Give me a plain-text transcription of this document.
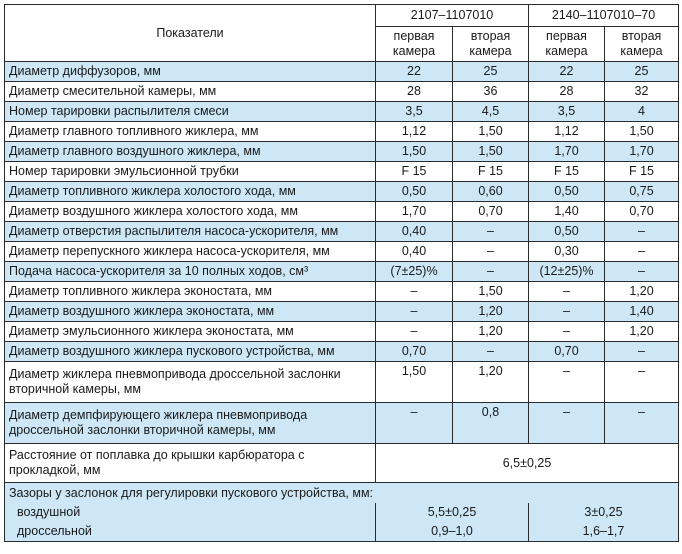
Показатели	2107–1107010		2140–1107010–70	
	первая камера	вторая камера	первая камера	вторая камера
Диаметр диффузоров, мм	22	25	22	25
Диаметр смесительной камеры, мм	28	36	28	32
Номер тарировки распылителя смеси	3,5	4,5	3,5	4
Диаметр главного топливного жиклера, мм	1,12	1,50	1,12	1,50
Диаметр главного воздушного жиклера, мм	1,50	1,50	1,70	1,70
Номер тарировки эмульсионной трубки	F 15	F 15	F 15	F 15
Диаметр топливного жиклера холостого хода, мм	0,50	0,60	0,50	0,75
Диаметр воздушного жиклера холостого хода, мм	1,70	0,70	1,40	0,70
Диаметр отверстия распылителя насоса-ускорителя, мм	0,40	–	0,50	–
Диаметр перепускного жиклера насоса-ускорителя, мм	0,40	–	0,30	–
Подача насоса-ускорителя за 10 полных ходов, см³	(7±25)%	–	(12±25)%	–
Диаметр топливного жиклера эконостата, мм	–	1,50	–	1,20
Диаметр воздушного жиклера эконостата, мм	–	1,20	–	1,40
Диаметр эмульсионного жиклера эконостата, мм	–	1,20	–	1,20
Диаметр воздушного жиклера пускового устройства, мм	0,70	–	0,70	–
Диаметр жиклера пневмопривода дроссельной заслонки вторичной камеры, мм	1,50	1,20	–	–
Диаметр демпфирующего жиклера пневмопривода дроссельной заслонки вторичной камеры, мм	–	0,8	–	–
Расстояние от поплавка до крышки карбюратора с прокладкой, мм	6,5±0,25			
Зазоры у заслонок для регулировки пускового устройства, мм:				
воздушной	5,5±0,25		3±0,25	
дроссельной	0,9–1,0		1,6–1,7	
